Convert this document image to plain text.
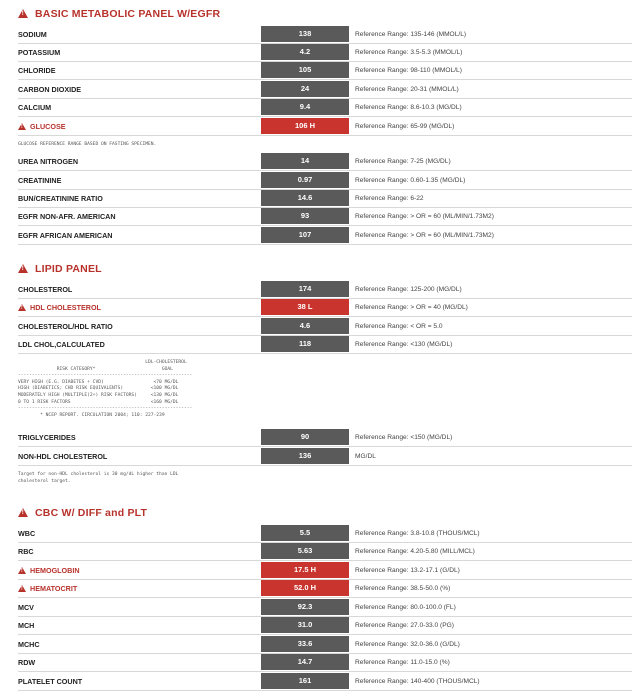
!BASIC METABOLIC PANEL W/EGFR
!LIPID PANEL
!CBC W/ DIFF and PLT
GLUCOSE REFERENCE RANGE BASED ON FASTING SPECIMEN.
LDL-CHOLESTEROL
RISK CATEGORY*                        GOAL
---------------------------------------------------------------
VERY HIGH (E.G. DIABETES + CVD)                  <70 MG/DL
HIGH (DIABETICS; CHD RISK EQUIVALENTS)          <100 MG/DL
MODERATELY HIGH (MULTIPLE(2+) RISK FACTORS)     <130 MG/DL
0 TO 1 RISK FACTORS                             <160 MG/DL
---------------------------------------------------------------
* NCEP REPORT. CIRCULATION 2004; 110: 227-239
Target for non-HDL cholesterol is 30 mg/dL higher than LDL
cholesterol target.
SODIUM	138	Reference Range: 135-146 (MMOL/L)
POTASSIUM	4.2	Reference Range: 3.5-5.3 (MMOL/L)
CHLORIDE	105	Reference Range: 98-110 (MMOL/L)
CARBON DIOXIDE	24	Reference Range: 20-31 (MMOL/L)
CALCIUM	9.4	Reference Range: 8.6-10.3 (MG/DL)
!GLUCOSE	106 H	Reference Range: 65-99 (MG/DL)
UREA NITROGEN	14	Reference Range: 7-25 (MG/DL)
CREATININE	0.97	Reference Range: 0.60-1.35 (MG/DL)
BUN/CREATININE RATIO	14.6	Reference Range: 6-22
EGFR NON-AFR. AMERICAN	93	Reference Range: > OR = 60 (ML/MIN/1.73M2)
EGFR AFRICAN AMERICAN	107	Reference Range: > OR = 60 (ML/MIN/1.73M2)
CHOLESTEROL	174	Reference Range: 125-200 (MG/DL)
!HDL CHOLESTEROL	38 L	Reference Range: > OR = 40 (MG/DL)
CHOLESTEROL/HDL RATIO	4.6	Reference Range: < OR = 5.0
LDL CHOL,CALCULATED	118	Reference Range: <130 (MG/DL)
TRIGLYCERIDES	90	Reference Range: <150 (MG/DL)
NON-HDL CHOLESTEROL	136	MG/DL
WBC	5.5	Reference Range: 3.8-10.8 (THOUS/MCL)
RBC	5.63	Reference Range: 4.20-5.80 (MILL/MCL)
!HEMOGLOBIN	17.5 H	Reference Range: 13.2-17.1 (G/DL)
!HEMATOCRIT	52.0 H	Reference Range: 38.5-50.0 (%)
MCV	92.3	Reference Range: 80.0-100.0 (FL)
MCH	31.0	Reference Range: 27.0-33.0 (PG)
MCHC	33.6	Reference Range: 32.0-36.0 (G/DL)
RDW	14.7	Reference Range: 11.0-15.0 (%)
PLATELET COUNT	161	Reference Range: 140-400 (THOUS/MCL)
